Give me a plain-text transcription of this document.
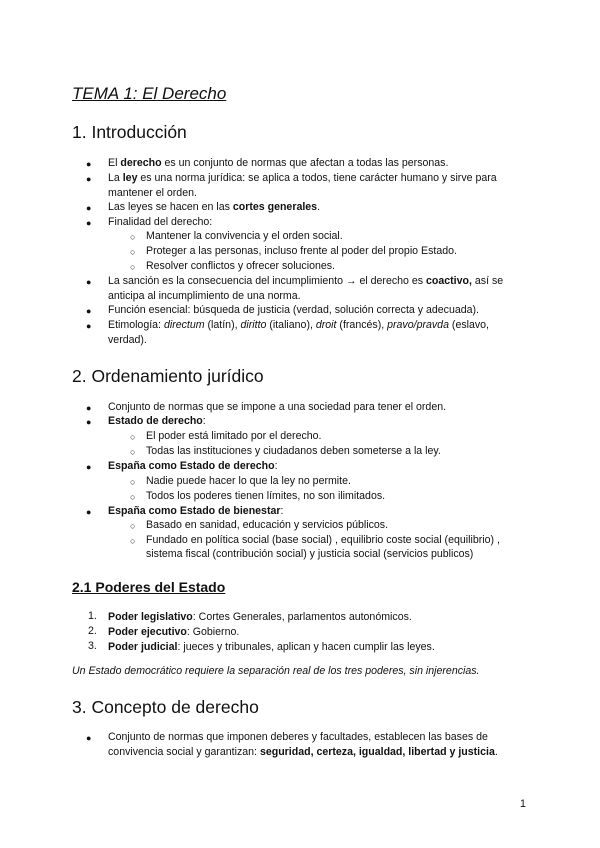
TEMA 1: El Derecho
1. Introducción
● El derecho es un conjunto de normas que afectan a todas las personas.
● La ley es una norma jurídica: se aplica a todos, tiene carácter humano y sirve para
mantener el orden.
● Las leyes se hacen en las cortes generales.
● Finalidad del derecho:
○ Mantener la convivencia y el orden social.
○ Proteger a las personas, incluso frente al poder del propio Estado.
○ Resolver conflictos y ofrecer soluciones.
● La sanción es la consecuencia del incumplimiento → el derecho es coactivo, así se
anticipa al incumplimiento de una norma.
● Función esencial: búsqueda de justicia (verdad, solución correcta y adecuada).
● Etimología: directum (latín), diritto (italiano), droit (francés), pravo/pravda (eslavo,
verdad).
2. Ordenamiento jurídico
● Conjunto de normas que se impone a una sociedad para tener el orden.
● Estado de derecho:
○ El poder está limitado por el derecho.
○ Todas las instituciones y ciudadanos deben someterse a la ley.
● España como Estado de derecho:
○ Nadie puede hacer lo que la ley no permite.
○ Todos los poderes tienen límites, no son ilimitados.
● España como Estado de bienestar:
○ Basado en sanidad, educación y servicios públicos.
○ Fundado en política social (base social) , equilibrio coste social (equilibrio) ,
sistema fiscal (contribución social) y justicia social (servicios publicos)
2.1 Poderes del Estado
1. Poder legislativo: Cortes Generales, parlamentos autonómicos.
2. Poder ejecutivo: Gobierno.
3. Poder judicial: jueces y tribunales, aplican y hacen cumplir las leyes.
Un Estado democrático requiere la separación real de los tres poderes, sin injerencias.
3. Concepto de derecho
● Conjunto de normas que imponen deberes y facultades, establecen las bases de
convivencia social y garantizan: seguridad, certeza, igualdad, libertad y justicia.
1
